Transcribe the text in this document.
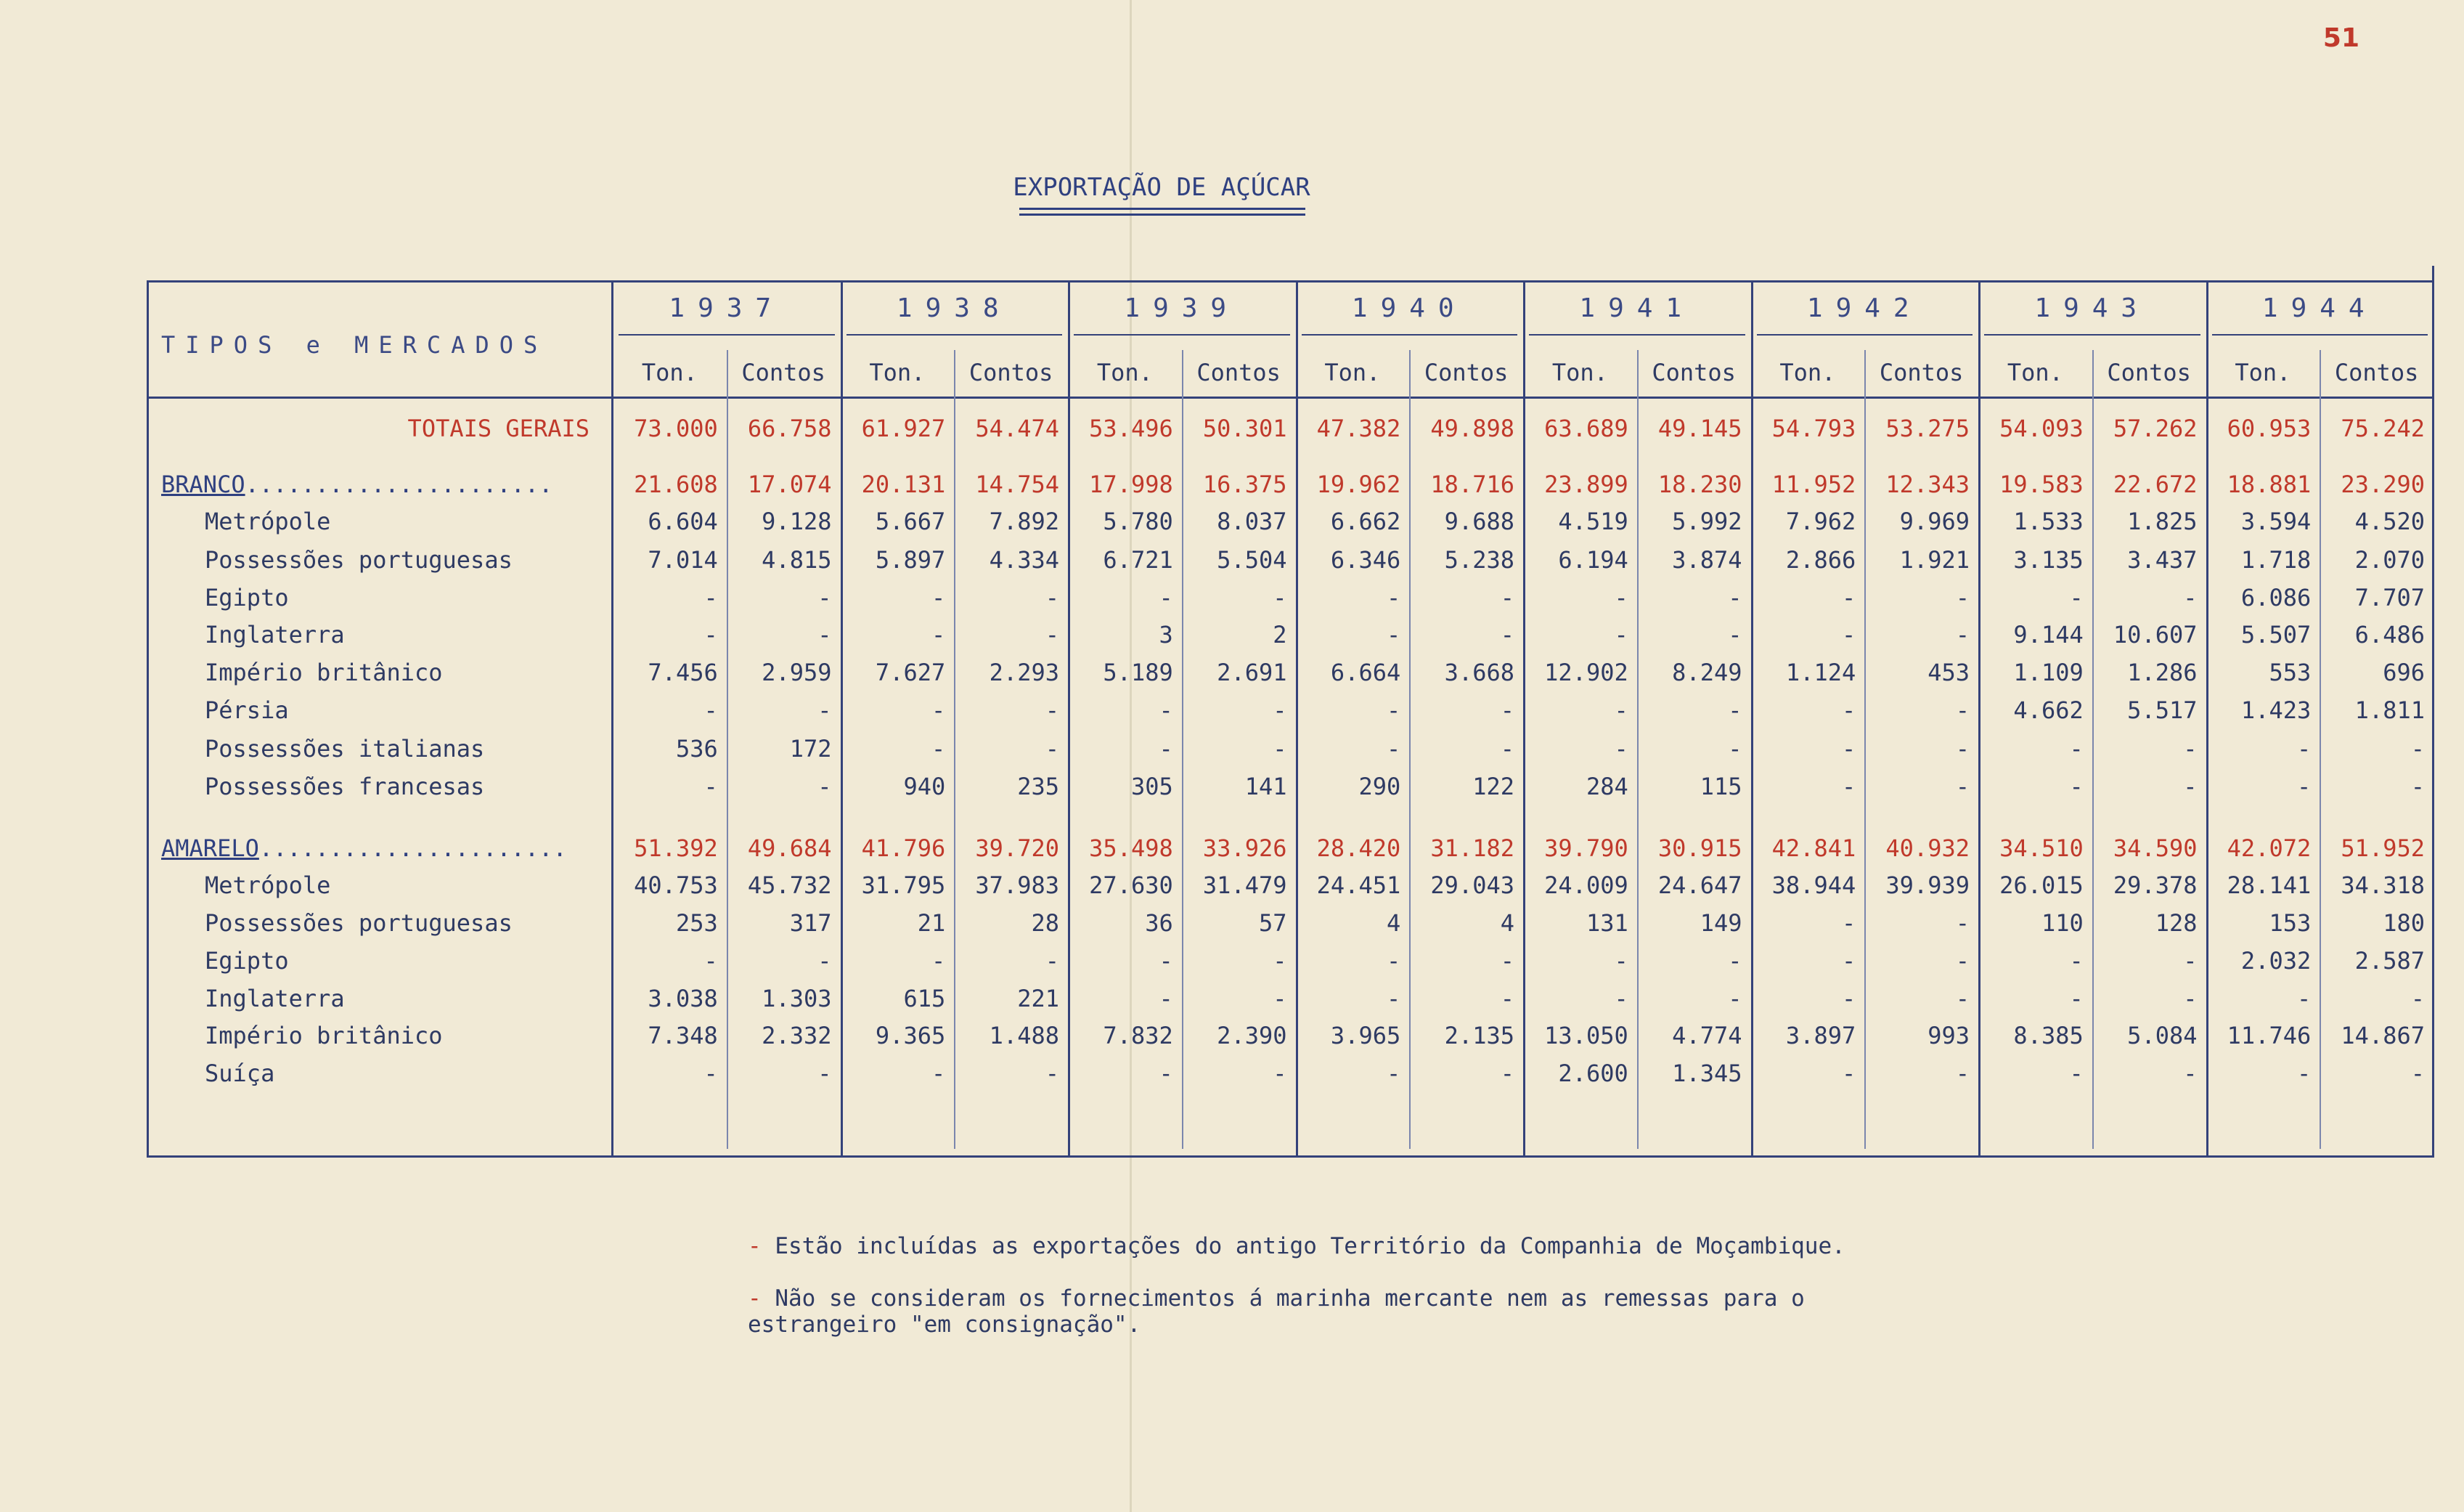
51
EXPORTAÇÃO DE AÇÚCAR
TIPOS e MERCADOS
1937
Ton.	Contos
1938
Ton.	Contos
1939
Ton.	Contos
1940
Ton.	Contos
1941
Ton.	Contos
1942
Ton.	Contos
1943
Ton.	Contos
1944
Ton.	Contos
TOTAIS GERAIS	73.000	66.758	61.927	54.474	53.496	50.301	47.382	49.898	63.689	49.145	54.793	53.275	54.093	57.262	60.953	75.242
BRANCO......................	21.608	17.074	20.131	14.754	17.998	16.375	19.962	18.716	23.899	18.230	11.952	12.343	19.583	22.672	18.881	23.290
Metrópole	6.604	9.128	5.667	7.892	5.780	8.037	6.662	9.688	4.519	5.992	7.962	9.969	1.533	1.825	3.594	4.520
Possessões portuguesas	7.014	4.815	5.897	4.334	6.721	5.504	6.346	5.238	6.194	3.874	2.866	1.921	3.135	3.437	1.718	2.070
Egipto	-	-	-	-	-	-	-	-	-	-	-	-	-	-	6.086	7.707
Inglaterra	-	-	-	-	3	2	-	-	-	-	-	-	9.144	10.607	5.507	6.486
Império britânico	7.456	2.959	7.627	2.293	5.189	2.691	6.664	3.668	12.902	8.249	1.124	453	1.109	1.286	553	696
Pérsia	-	-	-	-	-	-	-	-	-	-	-	-	4.662	5.517	1.423	1.811
Possessões italianas	536	172	-	-	-	-	-	-	-	-	-	-	-	-	-	-
Possessões francesas	-	-	940	235	305	141	290	122	284	115	-	-	-	-	-	-
AMARELO......................	51.392	49.684	41.796	39.720	35.498	33.926	28.420	31.182	39.790	30.915	42.841	40.932	34.510	34.590	42.072	51.952
Metrópole	40.753	45.732	31.795	37.983	27.630	31.479	24.451	29.043	24.009	24.647	38.944	39.939	26.015	29.378	28.141	34.318
Possessões portuguesas	253	317	21	28	36	57	4	4	131	149	-	-	110	128	153	180
Egipto	-	-	-	-	-	-	-	-	-	-	-	-	-	-	2.032	2.587
Inglaterra	3.038	1.303	615	221	-	-	-	-	-	-	-	-	-	-	-	-
Império britânico	7.348	2.332	9.365	1.488	7.832	2.390	3.965	2.135	13.050	4.774	3.897	993	8.385	5.084	11.746	14.867
Suíça	-	-	-	-	-	-	-	-	2.600	1.345	-	-	-	-	-	-
- Estão incluídas as exportações do antigo Território da Companhia de Moçambique.
- Não se consideram os fornecimentos á marinha mercante nem as remessas para o
estrangeiro "em consignação".
